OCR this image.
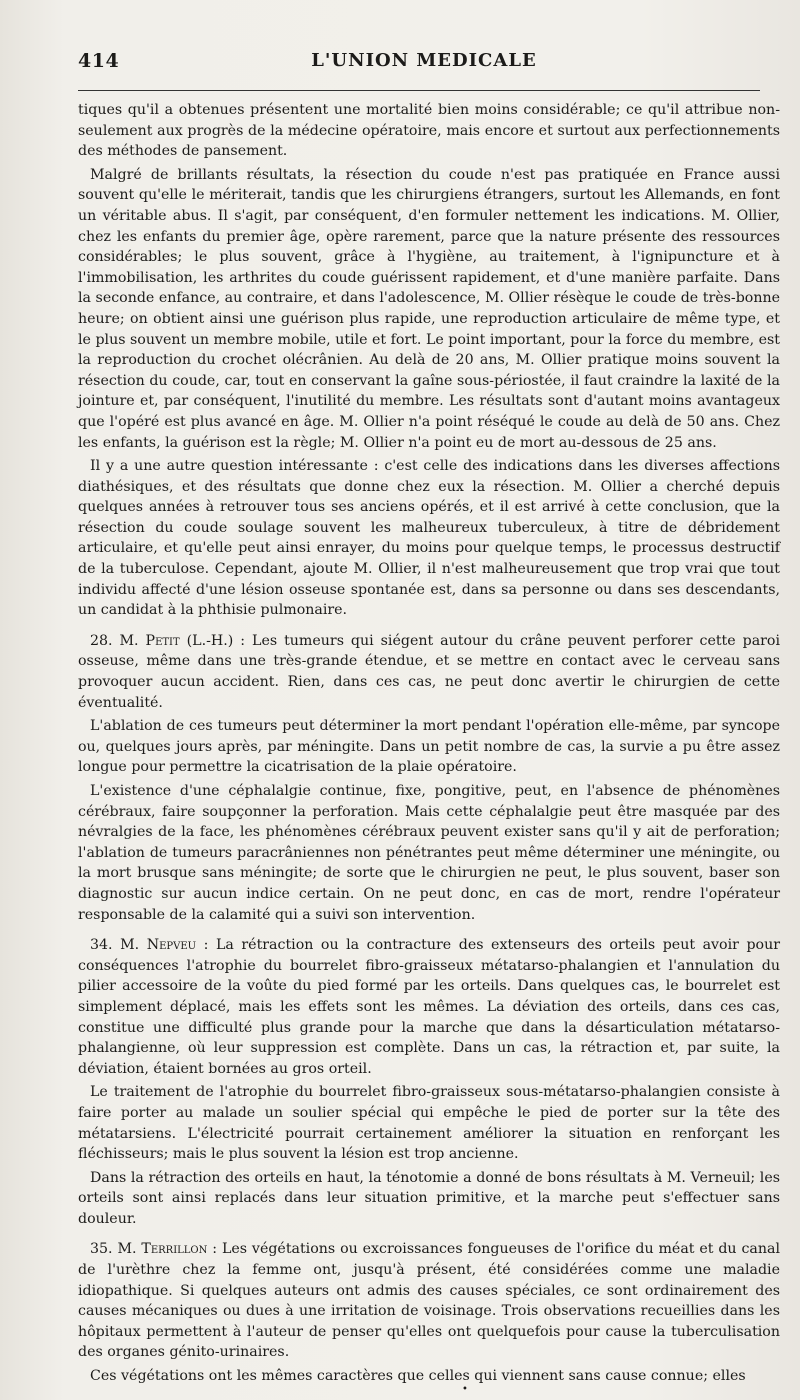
414	L'UNION MEDICALE

tiques qu'il a obtenues présentent une mortalité bien moins considérable; ce qu'il attribue non-seulement aux progrès de la médecine opératoire, mais encore et surtout aux perfectionnements des méthodes de pansement.

Malgré de brillants résultats, la résection du coude n'est pas pratiquée en France aussi souvent qu'elle le mériterait, tandis que les chirurgiens étrangers, surtout les Allemands, en font un véritable abus. Il s'agit, par conséquent, d'en formuler nettement les indications. M. Ollier, chez les enfants du premier âge, opère rarement, parce que la nature présente des ressources considérables; le plus souvent, grâce à l'hygiène, au traitement, à l'ignipuncture et à l'immobilisation, les arthrites du coude guérissent rapidement, et d'une manière parfaite. Dans la seconde enfance, au contraire, et dans l'adolescence, M. Ollier résèque le coude de très-bonne heure; on obtient ainsi une guérison plus rapide, une reproduction articulaire de même type, et le plus souvent un membre mobile, utile et fort. Le point important, pour la force du membre, est la reproduction du crochet olécrânien. Au delà de 20 ans, M. Ollier pratique moins souvent la résection du coude, car, tout en conservant la gaîne sous-périostée, il faut craindre la laxité de la jointure et, par conséquent, l'inutilité du membre. Les résultats sont d'autant moins avantageux que l'opéré est plus avancé en âge. M. Ollier n'a point réséqué le coude au delà de 50 ans. Chez les enfants, la guérison est la règle; M. Ollier n'a point eu de mort au-dessous de 25 ans.

Il y a une autre question intéressante : c'est celle des indications dans les diverses affections diathésiques, et des résultats que donne chez eux la résection. M. Ollier a cherché depuis quelques années à retrouver tous ses anciens opérés, et il est arrivé à cette conclusion, que la résection du coude soulage souvent les malheureux tuberculeux, à titre de débridement articulaire, et qu'elle peut ainsi enrayer, du moins pour quelque temps, le processus destructif de la tuberculose. Cependant, ajoute M. Ollier, il n'est malheureusement que trop vrai que tout individu affecté d'une lésion osseuse spontanée est, dans sa personne ou dans ses descendants, un candidat à la phthisie pulmonaire.

28. M. Petit (L.-H.) : Les tumeurs qui siégent autour du crâne peuvent perforer cette paroi osseuse, même dans une très-grande étendue, et se mettre en contact avec le cerveau sans provoquer aucun accident. Rien, dans ces cas, ne peut donc avertir le chirurgien de cette éventualité.

L'ablation de ces tumeurs peut déterminer la mort pendant l'opération elle-même, par syncope ou, quelques jours après, par méningite. Dans un petit nombre de cas, la survie a pu être assez longue pour permettre la cicatrisation de la plaie opératoire.

L'existence d'une céphalalgie continue, fixe, pongitive, peut, en l'absence de phénomènes cérébraux, faire soupçonner la perforation. Mais cette céphalalgie peut être masquée par des névralgies de la face, les phénomènes cérébraux peuvent exister sans qu'il y ait de perforation; l'ablation de tumeurs paracrâniennes non pénétrantes peut même déterminer une méningite, ou la mort brusque sans méningite; de sorte que le chirurgien ne peut, le plus souvent, baser son diagnostic sur aucun indice certain. On ne peut donc, en cas de mort, rendre l'opérateur responsable de la calamité qui a suivi son intervention.

34. M. Nepveu : La rétraction ou la contracture des extenseurs des orteils peut avoir pour conséquences l'atrophie du bourrelet fibro-graisseux métatarso-phalangien et l'annulation du pilier accessoire de la voûte du pied formé par les orteils. Dans quelques cas, le bourrelet est simplement déplacé, mais les effets sont les mêmes. La déviation des orteils, dans ces cas, constitue une difficulté plus grande pour la marche que dans la désarticulation métatarso-phalangienne, où leur suppression est complète. Dans un cas, la rétraction et, par suite, la déviation, étaient bornées au gros orteil.

Le traitement de l'atrophie du bourrelet fibro-graisseux sous-métatarso-phalangien consiste à faire porter au malade un soulier spécial qui empêche le pied de porter sur la tête des métatarsiens. L'électricité pourrait certainement améliorer la situation en renforçant les fléchisseurs; mais le plus souvent la lésion est trop ancienne.

Dans la rétraction des orteils en haut, la ténotomie a donné de bons résultats à M. Verneuil; les orteils sont ainsi replacés dans leur situation primitive, et la marche peut s'effectuer sans douleur.

35. M. Terrillon : Les végétations ou excroissances fongueuses de l'orifice du méat et du canal de l'urèthre chez la femme ont, jusqu'à présent, été considérées comme une maladie idiopathique. Si quelques auteurs ont admis des causes spéciales, ce sont ordinairement des causes mécaniques ou dues à une irritation de voisinage. Trois observations recueillies dans les hôpitaux permettent à l'auteur de penser qu'elles ont quelquefois pour cause la tuberculisation des organes génito-urinaires.

Ces végétations ont les mêmes caractères que celles qui viennent sans cause connue; elles

•
